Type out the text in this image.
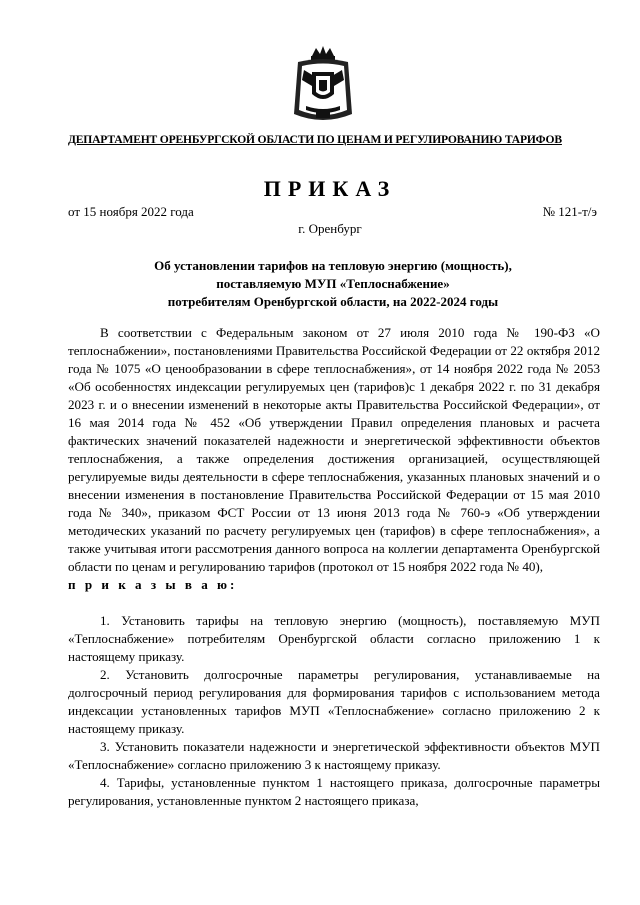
ДЕПАРТАМЕНТ ОРЕНБУРГСКОЙ ОБЛАСТИ ПО ЦЕНАМ И РЕГУЛИРОВАНИЮ ТАРИФОВ
ПРИКАЗ
от 15 ноября 2022 года	№ 121-т/э
г. Оренбург
Об установлении тарифов на тепловую энергию (мощность),
поставляемую МУП «Теплоснабжение»
потребителям Оренбургской области, на 2022-2024 годы

В соответствии с Федеральным законом от 27 июля 2010 года № 190-ФЗ «О теплоснабжении», постановлениями Правительства Российской Федерации от 22 октября 2012 года № 1075 «О ценообразовании в сфере теплоснабжения», от 14 ноября 2022 года № 2053 «Об особенностях индексации регулируемых цен (тарифов)с 1 декабря 2022 г. по 31 декабря 2023 г. и о внесении изменений в некоторые акты Правительства Российской Федерации», от 16 мая 2014 года № 452 «Об утверждении Правил определения плановых и расчета фактических значений показателей надежности и энергетической эффективности объектов теплоснабжения, а также определения достижения организацией, осуществляющей регулируемые виды деятельности в сфере теплоснабжения, указанных плановых значений и о внесении изменения в постановление Правительства Российской Федерации от 15 мая 2010 года № 340», приказом ФСТ России от 13 июня 2013 года № 760-э «Об утверждении методических указаний по расчету регулируемых цен (тарифов) в сфере теплоснабжения», а также учитывая итоги рассмотрения данного вопроса на коллегии департамента Оренбургской области по ценам и регулированию тарифов (протокол от 15 ноября 2022 года № 40),

п р и к а з ы в а ю:

1. Установить тарифы на тепловую энергию (мощность), поставляемую МУП «Теплоснабжение» потребителям Оренбургской области согласно приложению 1 к настоящему приказу.

2. Установить долгосрочные параметры регулирования, устанавливаемые на долгосрочный период регулирования для формирования тарифов с использованием метода индексации установленных тарифов МУП «Теплоснабжение» согласно приложению 2 к настоящему приказу.

3. Установить показатели надежности и энергетической эффективности объектов МУП «Теплоснабжение» согласно приложению 3 к настоящему приказу.

4. Тарифы, установленные пунктом 1 настоящего приказа, долгосрочные параметры регулирования, установленные пунктом 2 настоящего приказа,
